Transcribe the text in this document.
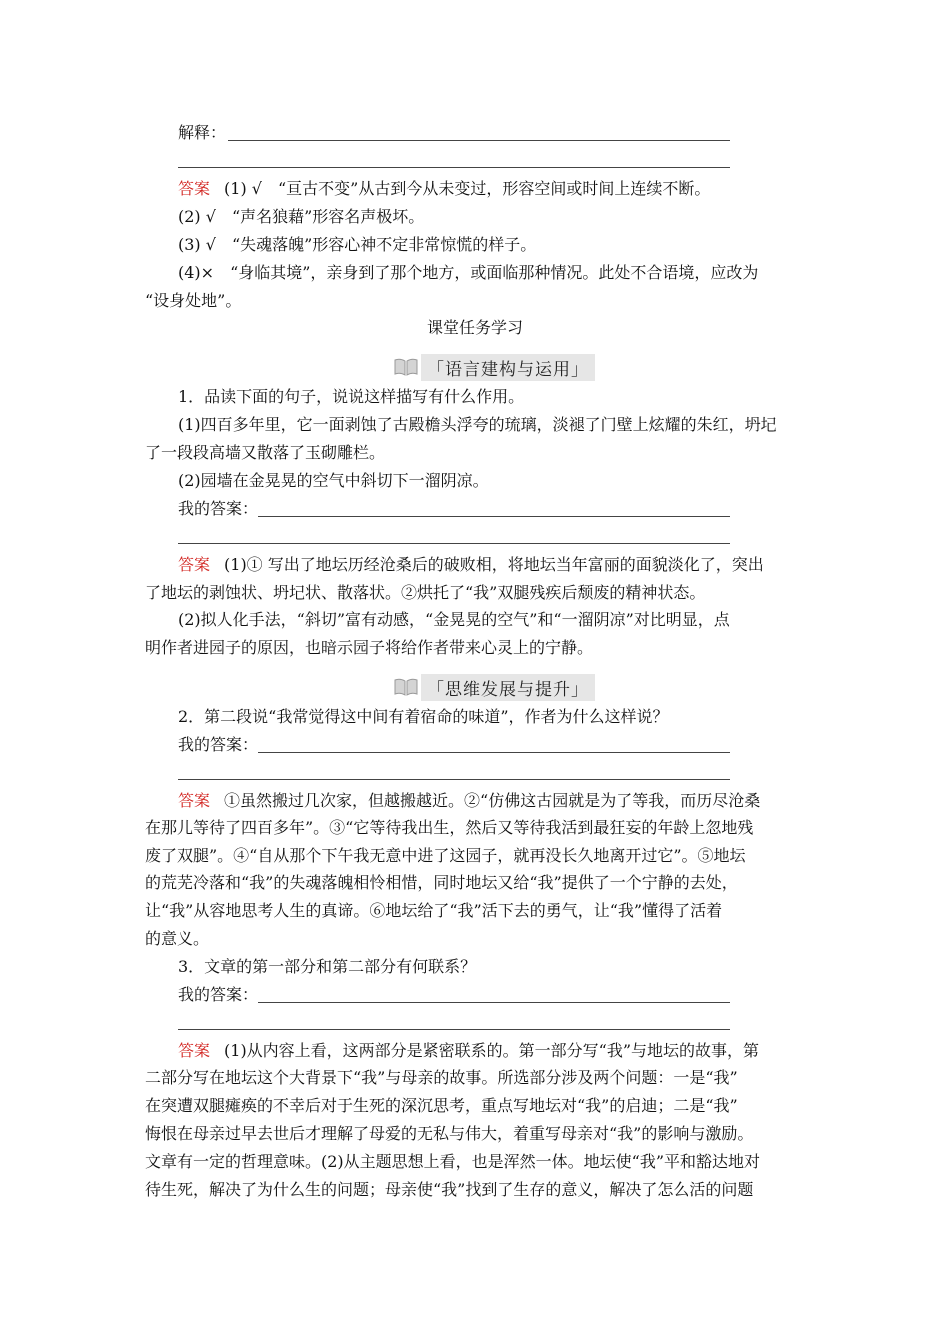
解释：
答案 (1) √　“亘古不变”从古到今从未变过，形容空间或时间上连续不断。
(2) √　“声名狼藉”形容名声极坏。
(3) √　“失魂落魄”形容心神不定非常惊慌的样子。
(4)×　“身临其境”，亲身到了那个地方，或面临那种情况。此处不合语境，应改为
“设身处地”。
课堂任务学习
「语言建构与运用」
1．品读下面的句子，说说这样描写有什么作用。
(1)四百多年里，它一面剥蚀了古殿檐头浮夸的琉璃，淡褪了门壁上炫耀的朱红，坍圮
了一段段高墙又散落了玉砌雕栏。
(2)园墙在金晃晃的空气中斜切下一溜阴凉。
我的答案：
答案 (1)① 写出了地坛历经沧桑后的破败相，将地坛当年富丽的面貌淡化了，突出
了地坛的剥蚀状、坍圮状、散落状。②烘托了“我”双腿残疾后颓废的精神状态。
(2)拟人化手法，“斜切”富有动感，“金晃晃的空气”和“一溜阴凉”对比明显，点
明作者进园子的原因，也暗示园子将给作者带来心灵上的宁静。
「思维发展与提升」
2．第二段说“我常觉得这中间有着宿命的味道”，作者为什么这样说？
我的答案：
答案 ①虽然搬过几次家，但越搬越近。②“仿佛这古园就是为了等我，而历尽沧桑
在那儿等待了四百多年”。③“它等待我出生，然后又等待我活到最狂妄的年龄上忽地残
废了双腿”。④“自从那个下午我无意中进了这园子，就再没长久地离开过它”。⑤地坛
的荒芜冷落和“我”的失魂落魄相怜相惜，同时地坛又给“我”提供了一个宁静的去处，
让“我”从容地思考人生的真谛。⑥地坛给了“我”活下去的勇气，让“我”懂得了活着
的意义。
3．文章的第一部分和第二部分有何联系？
我的答案：
答案 (1)从内容上看，这两部分是紧密联系的。第一部分写“我”与地坛的故事，第
二部分写在地坛这个大背景下“我”与母亲的故事。所选部分涉及两个问题：一是“我”
在突遭双腿瘫痪的不幸后对于生死的深沉思考，重点写地坛对“我”的启迪；二是“我”
悔恨在母亲过早去世后才理解了母爱的无私与伟大，着重写母亲对“我”的影响与激励。
文章有一定的哲理意味。(2)从主题思想上看，也是浑然一体。地坛使“我”平和豁达地对
待生死，解决了为什么生的问题；母亲使“我”找到了生存的意义，解决了怎么活的问题
